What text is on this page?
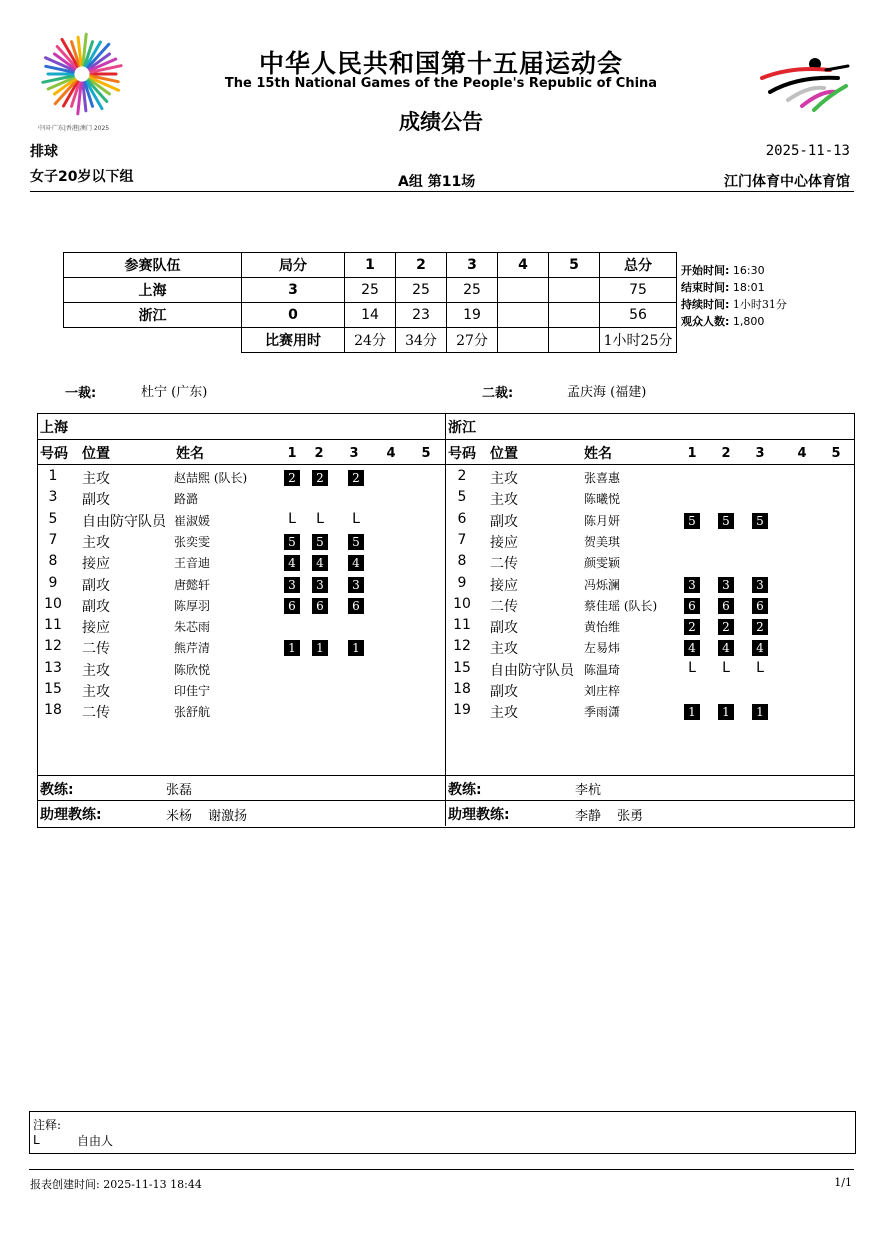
中国·广东|香港|澳门 2025
中华人民共和国第十五届运动会
The 15th National Games of the People's Republic of China
成绩公告
排球	2025-11-13
女子20岁以下组	A组 第11场	江门体育中心体育馆
参赛队伍	局分	1	2	3	4	5	总分
上海	3	25	25	25			75
浙江	0	14	23	19			56
	比赛用时	24分	34分	27分			1小时25分
开始时间: 16:30
结束时间: 18:01
持续时间: 1小时31分
观众人数: 1,800
一裁:	杜宁 (广东)	二裁:	孟庆海 (福建)
上海	浙江
号码 位置	姓名	1	2	3	4	5	号码 位置	姓名	1	2	3	4	5
1	主攻	赵喆熙 (队长)	2	2	2
3	副攻	路潞
5	自由防守队员 崔淑媛	L L L
7	主攻	张奕雯	5	5	5
8	接应	王音迪	4	4	4
9	副攻	唐懿轩	3	3	3
10 副攻	陈厚羽	6	6	6
11 接应	朱芯雨
12 二传	熊芹清	1	1	1
13 主攻	陈欣悦
15 主攻	印佳宁
18 二传	张舒航
2	主攻	张喜惠
5	主攻	陈曦悦
6	副攻	陈月妍	5	5	5
7	接应	贺美琪
8	二传	颜雯颖
9	接应	冯烁澜	3	3	3
10 二传	蔡佳瑶 (队长)	6	6	6
11 副攻	黄怡维	2	2	2
12 主攻	左易炜	4	4	4
15 自由防守队员 陈温琦	L L L
18 副攻	刘庄梓
19 主攻	季雨潇	1	1	1
教练:	张磊
助理教练:	米杨 谢激扬
教练:	李杭
助理教练:	李静 张勇
注释:
L	自由人
报表创建时间: 2025-11-13 18:44	1/1
